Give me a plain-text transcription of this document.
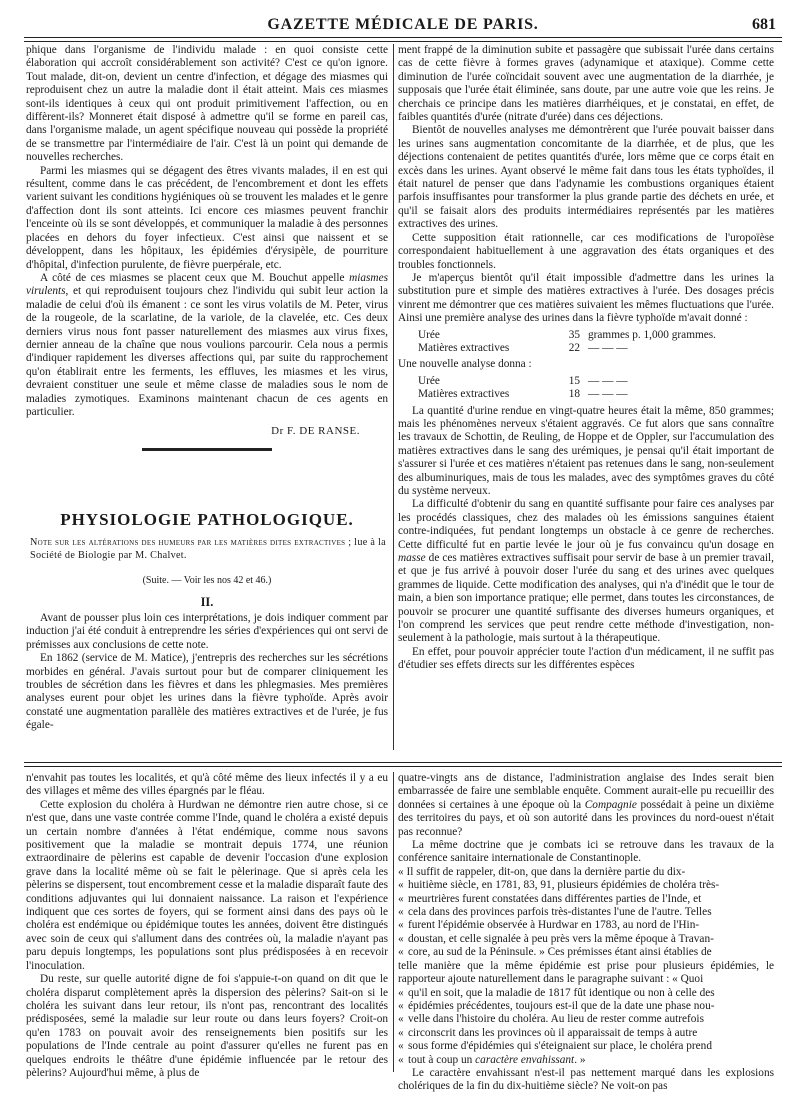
GAZETTE MÉDICALE DE PARIS.	681

phique dans l'organisme de l'individu malade : en quoi consiste cette élaboration qui accroît considérablement son activité? C'est ce qu'on ignore. Tout malade, dit-on, devient un centre d'infection, et dégage des miasmes qui reproduisent chez un autre la maladie dont il était atteint. Mais ces miasmes sont-ils identiques à ceux qui ont produit primitivement l'affection, ou en diffèrent-ils? Monneret était disposé à admettre qu'il se forme en pareil cas, dans l'organisme malade, un agent spécifique nouveau qui possède la propriété de se transmettre par l'intermédiaire de l'air. C'est là un point qui demande de nouvelles recherches.

Parmi les miasmes qui se dégagent des êtres vivants malades, il en est qui résultent, comme dans le cas précédent, de l'encombrement et dont les effets varient suivant les conditions hygiéniques où se trouvent les malades et le genre d'affection dont ils sont atteints. Ici encore ces miasmes peuvent franchir l'enceinte où ils se sont développés, et communiquer la maladie à des personnes placées en dehors du foyer infectieux. C'est ainsi que naissent et se développent, dans les hôpitaux, les épidémies d'érysipèle, de pourriture d'hôpital, d'infection purulente, de fièvre puerpérale, etc.

A côté de ces miasmes se placent ceux que M. Bouchut appelle miasmes virulents, et qui reproduisent toujours chez l'individu qui subit leur action la maladie de celui d'où ils émanent : ce sont les virus volatils de M. Peter, virus de la rougeole, de la scarlatine, de la variole, de la clavelée, etc. Ces deux derniers virus nous font passer naturellement des miasmes aux virus fixes, dernier anneau de la chaîne que nous voulions parcourir. Cela nous a permis d'indiquer rapidement les diverses affections qui, par suite du rapprochement qu'on établirait entre les ferments, les effluves, les miasmes et les virus, devraient constituer une seule et même classe de maladies sous le nom de maladies zymotiques. Examinons maintenant chacun de ces agents en particulier.

Dr F. DE RANSE.

PHYSIOLOGIE PATHOLOGIQUE.
Note sur les altérations des humeurs par les matières dites extractives ; lue à la Société de Biologie par M. Chalvet.
(Suite. — Voir les nos 42 et 46.)
II.

Avant de pousser plus loin ces interprétations, je dois indiquer comment par induction j'ai été conduit à entreprendre les séries d'expériences qui ont servi de prémisses aux conclusions de cette note.

En 1862 (service de M. Matice), j'entrepris des recherches sur les sécrétions morbides en général. J'avais surtout pour but de comparer cliniquement les troubles de sécrétion dans les fièvres et dans les phlegmasies. Mes premières analyses eurent pour objet les urines dans la fièvre typhoïde. Après avoir constaté une augmentation parallèle des matières extractives et de l'urée, je fus égale-

ment frappé de la diminution subite et passagère que subissait l'urée dans certains cas de cette fièvre à formes graves (adynamique et ataxique). Comme cette diminution de l'urée coïncidait souvent avec une augmentation de la diarrhée, je supposais que l'urée était éliminée, sans doute, par une autre voie que les reins. Je cherchais ce principe dans les matières diarrhéiques, et je constatai, en effet, de faibles quantités d'urée (nitrate d'urée) dans ces déjections.

Bientôt de nouvelles analyses me démontrèrent que l'urée pouvait baisser dans les urines sans augmentation concomitante de la diarrhée, et de plus, que les déjections contenaient de petites quantités d'urée, lors même que ce corps était en excès dans les urines. Ayant observé le même fait dans tous les états typhoïdes, il était naturel de penser que dans l'adynamie les combustions organiques étaient parfois insuffisantes pour transformer la plus grande partie des déchets en urée, et qu'il se faisait alors des produits intermédiaires représentés par les matières extractives des urines.

Cette supposition était rationnelle, car ces modifications de l'uropoïèse correspondaient habituellement à une aggravation des états organiques et des troubles fonctionnels.

Je m'aperçus bientôt qu'il était impossible d'admettre dans les urines la substitution pure et simple des matières extractives à l'urée. Des dosages précis vinrent me démontrer que ces matières suivaient les mêmes fluctuations que l'urée. Ainsi une première analyse des urines dans la fièvre typhoïde m'avait donné :

Urée	35 grammes p. 1,000 grammes.
Matières extractives	22 — — —

Une nouvelle analyse donna :

Urée	15 — — —
Matières extractives	18 — — —

La quantité d'urine rendue en vingt-quatre heures était la même, 850 grammes; mais les phénomènes nerveux s'étaient aggravés. Ce fut alors que sans connaître les travaux de Schottin, de Reuling, de Hoppe et de Oppler, sur l'accumulation des matières extractives dans le sang des urémiques, je pensai qu'il était important de s'assurer si l'urée et ces matières n'étaient pas retenues dans le sang, non-seulement des albuminuriques, mais de tous les malades, avec des symptômes graves du côté du système nerveux.

La difficulté d'obtenir du sang en quantité suffisante pour faire ces analyses par les procédés classiques, chez des malades où les émissions sanguines étaient contre-indiquées, fut pendant longtemps un obstacle à ce genre de recherches. Cette difficulté fut en partie levée le jour où je fus convaincu qu'un dosage en masse de ces matières extractives suffisait pour servir de base à un premier travail, et que je fus arrivé à pouvoir doser l'urée du sang et des urines avec quelques grammes de liquide. Cette modification des analyses, qui n'a d'inédit que le tour de main, a bien son importance pratique; elle permet, dans toutes les circonstances, de pouvoir se procurer une quantité suffisante des diverses humeurs organiques, et l'on comprend les services que peut rendre cette méthode d'investigation, non-seulement à la pathologie, mais surtout à la thérapeutique.

En effet, pour pouvoir apprécier toute l'action d'un médicament, il ne suffit pas d'étudier ses effets directs sur les différentes espèces

n'envahit pas toutes les localités, et qu'à côté même des lieux infectés il y a eu des villages et même des villes épargnés par le fléau.

Cette explosion du choléra à Hurdwan ne démontre rien autre chose, si ce n'est que, dans une vaste contrée comme l'Inde, quand le choléra a existé depuis un certain nombre d'années à l'état endémique, comme nous savons positivement que la maladie se montrait depuis 1774, une réunion extraordinaire de pèlerins est capable de devenir l'occasion d'une explosion grave dans la localité même où se fait le pèlerinage. Que si après cela les pèlerins se dispersent, tout encombrement cesse et la maladie disparaît faute des conditions adjuvantes qui lui donnaient naissance. La raison et l'expérience indiquent que ces sortes de foyers, qui se forment ainsi dans des pays où le choléra est endémique ou épidémique toutes les années, doivent être distingués avec soin de ceux qui s'allument dans des contrées où, la maladie n'ayant pas paru depuis longtemps, les populations sont plus prédisposées à en recevoir l'inoculation.

Du reste, sur quelle autorité digne de foi s'appuie-t-on quand on dit que le choléra disparut complètement après la dispersion des pèlerins? Sait-on si le choléra les suivant dans leur retour, ils n'ont pas, rencontrant des localités prédisposées, semé la maladie sur leur route ou dans leurs foyers? Croit-on qu'en 1783 on pouvait avoir des renseignements bien positifs sur les populations de l'Inde centrale au point d'assurer qu'elles ne furent pas en quelques endroits le théâtre d'une épidémie influencée par le retour des pèlerins? Aujourd'hui même, à plus de

quatre-vingts ans de distance, l'administration anglaise des Indes serait bien embarrassée de faire une semblable enquête. Comment aurait-elle pu recueillir des données si certaines à une époque où la Compagnie possédait à peine un dixième des territoires du pays, et où son autorité dans les provinces du nord-ouest n'était pas reconnue?

La même doctrine que je combats ici se retrouve dans les travaux de la conférence sanitaire internationale de Constantinople.

« Il suffit de rappeler, dit-on, que dans la dernière partie du dix-
« huitième siècle, en 1781, 83, 91, plusieurs épidémies de choléra très-
« meurtrières furent constatées dans différentes parties de l'Inde, et
« cela dans des provinces parfois très-distantes l'une de l'autre. Telles
« furent l'épidémie observée à Hurdwar en 1783, au nord de l'Hin-
« doustan, et celle signalée à peu près vers la même époque à Travan-
« core, au sud de la Péninsule. » Ces prémisses étant ainsi établies de

telle manière que la même épidémie est prise pour plusieurs épidémies, le rapporteur ajoute naturellement dans le paragraphe suivant : « Quoi

« qu'il en soit, que la maladie de 1817 fût identique ou non à celle des
« épidémies précédentes, toujours est-il que de la date une phase nou-
« velle dans l'histoire du choléra. Au lieu de rester comme autrefois
« circonscrit dans les provinces où il apparaissait de temps à autre
« sous forme d'épidémies qui s'éteignaient sur place, le choléra prend
« tout à coup un caractère envahissant. »

Le caractère envahissant n'est-il pas nettement marqué dans les explosions cholériques de la fin du dix-huitième siècle? Ne voit-on pas
